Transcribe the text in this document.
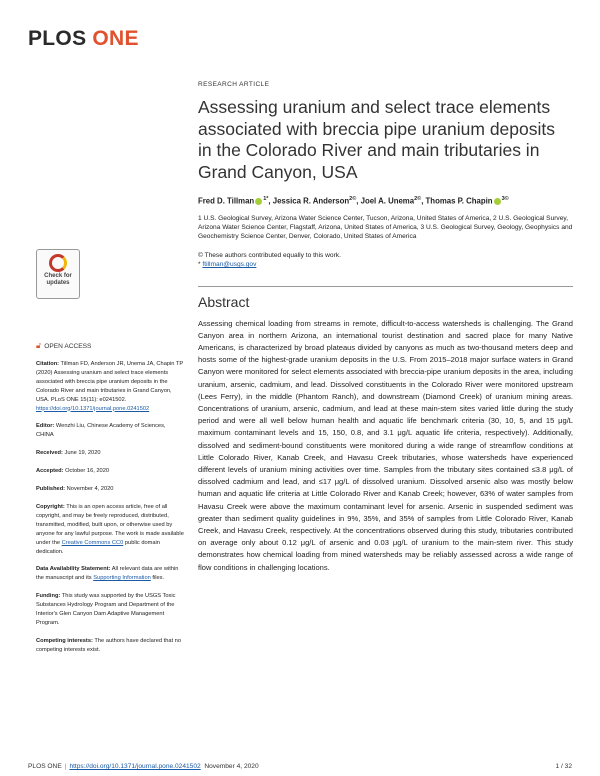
PLOS ONE
Check for
updates
RESEARCH ARTICLE
Assessing uranium and select trace elements associated with breccia pipe uranium deposits in the Colorado River and main tributaries in Grand Canyon, USA
Fred D. Tillman $^{1*}$, Jessica R. Anderson$^{2©}$, Joel A. Unema$^{2©}$, Thomas P. Chapin $^{3©}$
1 U.S. Geological Survey, Arizona Water Science Center, Tucson, Arizona, United States of America, 2 U.S. Geological Survey, Arizona Water Science Center, Flagstaff, Arizona, United States of America, 3 U.S. Geological Survey, Geology, Geophysics and Geochemistry Science Center, Denver, Colorado, United States of America
© These authors contributed equally to this work.
* ftillman@usgs.gov
Abstract
Assessing chemical loading from streams in remote, difficult-to-access watersheds is challenging. The Grand Canyon area in northern Arizona, an international tourist destination and sacred place for many Native Americans, is characterized by broad plateaus divided by canyons as much as two-thousand meters deep and hosts some of the highest-grade uranium deposits in the U.S. From 2015–2018 major surface waters in Grand Canyon were monitored for select elements associated with breccia-pipe uranium deposits in the area, including uranium, arsenic, cadmium, and lead. Dissolved constituents in the Colorado River were monitored upstream (Lees Ferry), in the middle (Phantom Ranch), and downstream (Diamond Creek) of uranium mining areas. Concentrations of uranium, arsenic, cadmium, and lead at these main-stem sites varied little during the study period and were all well below human health and aquatic life benchmark criteria (30, 10, 5, and 15 μg/L maximum contaminant levels and 15, 150, 0.8, and 3.1 μg/L aquatic life criteria, respectively). Additionally, dissolved and sediment-bound constituents were monitored during a wide range of streamflow conditions at Little Colorado River, Kanab Creek, and Havasu Creek tributaries, whose watersheds have experienced different levels of uranium mining activities over time. Samples from the tributary sites contained ≤3.8 μg/L of dissolved cadmium and lead, and ≤17 μg/L of dissolved uranium. Dissolved arsenic also was mostly below human and aquatic life criteria at Little Colorado River and Kanab Creek; however, 63% of water samples from Havasu Creek were above the maximum contaminant level for arsenic. Arsenic in suspended sediment was greater than sediment quality guidelines in 9%, 35%, and 35% of samples from Little Colorado River, Kanab Creek, and Havasu Creek, respectively. At the concentrations observed during this study, tributaries contributed on average only about 0.12 μg/L of arsenic and 0.03 μg/L of uranium to the main-stem river. This study demonstrates how chemical loading from mined watersheds may be reliably assessed across a wide range of flow conditions in challenging locations.
🔓︎ OPEN ACCESS
Citation: Tillman FD, Anderson JR, Unema JA, Chapin TP (2020) Assessing uranium and select trace elements associated with breccia pipe uranium deposits in the Colorado River and main tributaries in Grand Canyon, USA. PLoS ONE 15(11): e0241502. https://doi.org/10.1371/journal.pone.0241502
Editor: Wenzhi Liu, Chinese Academy of Sciences, CHINA
Received: June 19, 2020
Accepted: October 16, 2020
Published: November 4, 2020
Copyright: This is an open access article, free of all copyright, and may be freely reproduced, distributed, transmitted, modified, built upon, or otherwise used by anyone for any lawful purpose. The work is made available under the Creative Commons CC0 public domain dedication.
Data Availability Statement: All relevant data are within the manuscript and its Supporting Information files.
Funding: This study was supported by the USGS Toxic Substances Hydrology Program and Department of the Interior's Glen Canyon Dam Adaptive Management Program.
Competing interests: The authors have declared that no competing interests exist.
PLOS ONE | https://doi.org/10.1371/journal.pone.0241502 November 4, 2020	1 / 32
